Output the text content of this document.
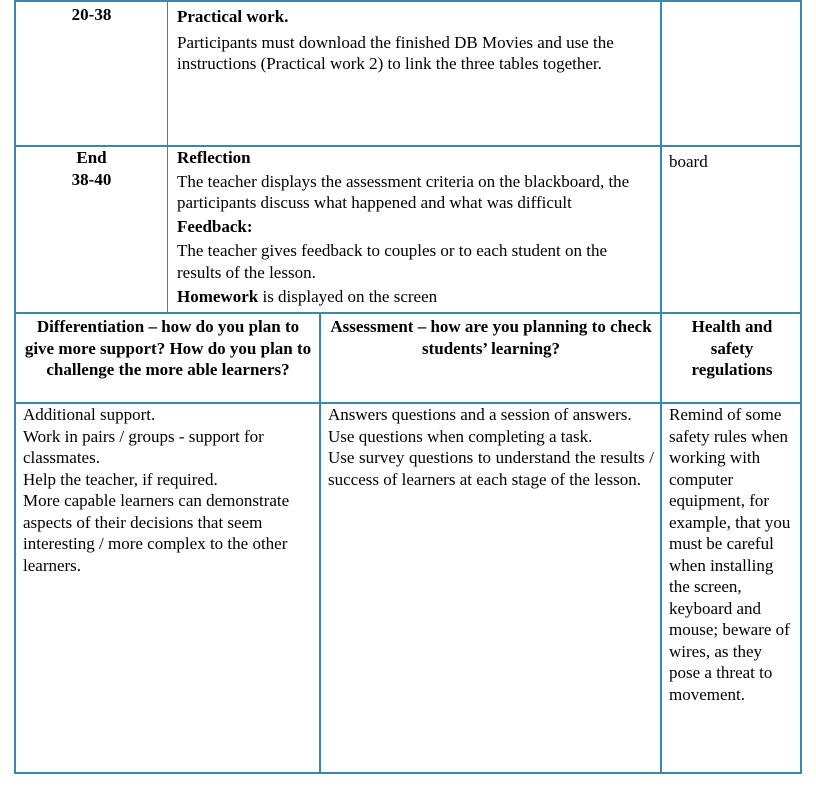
20-38	Practical work.
Participants must download the finished DB Movies and use the instructions (Practical work 2) to link the three tables together.
End
38-40
Reflection
The teacher displays the assessment criteria on the blackboard, the participants discuss what happened and what was difficult
Feedback:
The teacher gives feedback to couples or to each student on the results of the lesson.
Homework is displayed on the screen
board
Differentiation – how do you plan to give more support? How do you plan to challenge the more able learners?
Assessment – how are you planning to check students’ learning?
Health and safety regulations
Additional support.
Work in pairs / groups - support for classmates.
Help the teacher, if required.
More capable learners can demonstrate aspects of their decisions that seem interesting / more complex to the other learners.
Answers questions and a session of answers.
Use questions when completing a task.
Use survey questions to understand the results / success of learners at each stage of the lesson.
Remind of some safety rules when working with computer equipment, for example, that you must be careful when installing the screen, keyboard and mouse; beware of wires, as they pose a threat to movement.
